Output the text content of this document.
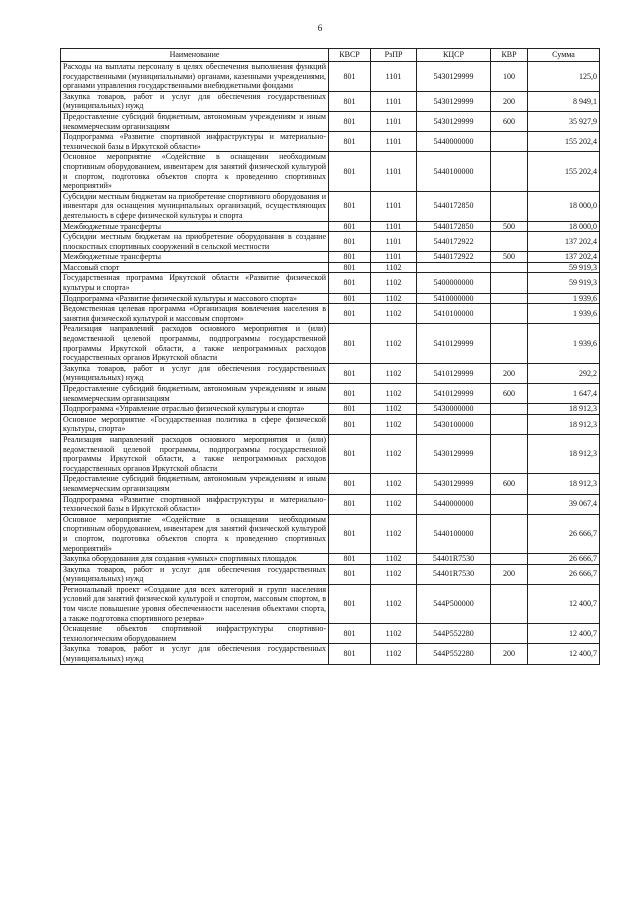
6
Наименование	КВСР	РзПР	КЦСР	КВР	Сумма
Расходы на выплаты персоналу в целях обеспечения выполнения функций государственными (муниципальными) органами, казенными учреждениями, органами управления государственными внебюджетными фондами	801	1101	5430129999	100	125,0
Закупка товаров, работ и услуг для обеспечения государственных (муниципальных) нужд	801	1101	5430129999	200	8 949,1
Предоставление субсидий бюджетным, автономным учреждениям и иным некоммерческим организациям	801	1101	5430129999	600	35 927,9
Подпрограмма «Развитие спортивной инфраструктуры и материально- технической базы в Иркутской области»	801	1101	5440000000		155 202,4
Основное мероприятие «Содействие в оснащении необходимым спортивным оборудованием, инвентарем для занятий физической культурой и спортом, подготовка объектов спорта к проведению спортивных мероприятий»	801	1101	5440100000		155 202,4
Субсидии местным бюджетам на приобретение спортивного оборудования и инвентаря для оснащения муниципальных организаций, осуществляющих деятельность в сфере физической культуры и спорта	801	1101	5440172850		18 000,0
Межбюджетные трансферты	801	1101	5440172850	500	18 000,0
Субсидии местным бюджетам на приобретение оборудования в создание плоскостных спортивных сооружений в сельской местности	801	1101	5440172922		137 202,4
Межбюджетные трансферты	801	1101	5440172922	500	137 202,4
Массовый спорт	801	1102			59 919,3
Государственная программа Иркутской области «Развитие физической культуры и спорта»	801	1102	5400000000		59 919,3
Подпрограмма «Развитие физической культуры и массового спорта»	801	1102	5410000000		1 939,6
Ведомственная целевая программа «Организация вовлечения населения в занятия физической культурой и массовым спортом»	801	1102	5410100000		1 939,6
Реализация направлений расходов основного мероприятия и (или) ведомственной целевой программы, подпрограммы государственной программы Иркутской области, а также непрограммных расходов государственных органов Иркутской области	801	1102	5410129999		1 939,6
Закупка товаров, работ и услуг для обеспечения государственных (муниципальных) нужд	801	1102	5410129999	200	292,2
Предоставление субсидий бюджетным, автономным учреждениям и иным некоммерческим организациям	801	1102	5410129999	600	1 647,4
Подпрограмма «Управление отраслью физической культуры и спорта»	801	1102	5430000000		18 912,3
Основное мероприятие «Государственная политика в сфере физической культуры, спорта»	801	1102	5430100000		18 912,3
Реализация направлений расходов основного мероприятия и (или) ведомственной целевой программы, подпрограммы государственной программы Иркутской области, а также непрограммных расходов государственных органов Иркутской области	801	1102	5430129999		18 912,3
Предоставление субсидий бюджетным, автономным учреждениям и иным некоммерческим организациям	801	1102	5430129999	600	18 912,3
Подпрограмма «Развитие спортивной инфраструктуры и материально- технической базы в Иркутской области»	801	1102	5440000000		39 067,4
Основное мероприятие «Содействие в оснащении необходимым спортивным оборудованием, инвентарем для занятий физической культурой и спортом, подготовка объектов спорта к проведению спортивных мероприятий»	801	1102	5440100000		26 666,7
Закупка оборудования для создания «умных» спортивных площадок	801	1102	54401R7530		26 666,7
Закупка товаров, работ и услуг для обеспечения государственных (муниципальных) нужд	801	1102	54401R7530	200	26 666,7
Региональный проект «Создание для всех категорий и групп населения условий для занятий физической культурой и спортом, массовым спортом, в том числе повышение уровня обеспеченности населения объектами спорта, а также подготовка спортивного резерва»	801	1102	544P500000		12 400,7
Оснащение объектов спортивной инфраструктуры спортивно-технологическим оборудованием	801	1102	544P552280		12 400,7
Закупка товаров, работ и услуг для обеспечения государственных (муниципальных) нужд	801	1102	544P552280	200	12 400,7
